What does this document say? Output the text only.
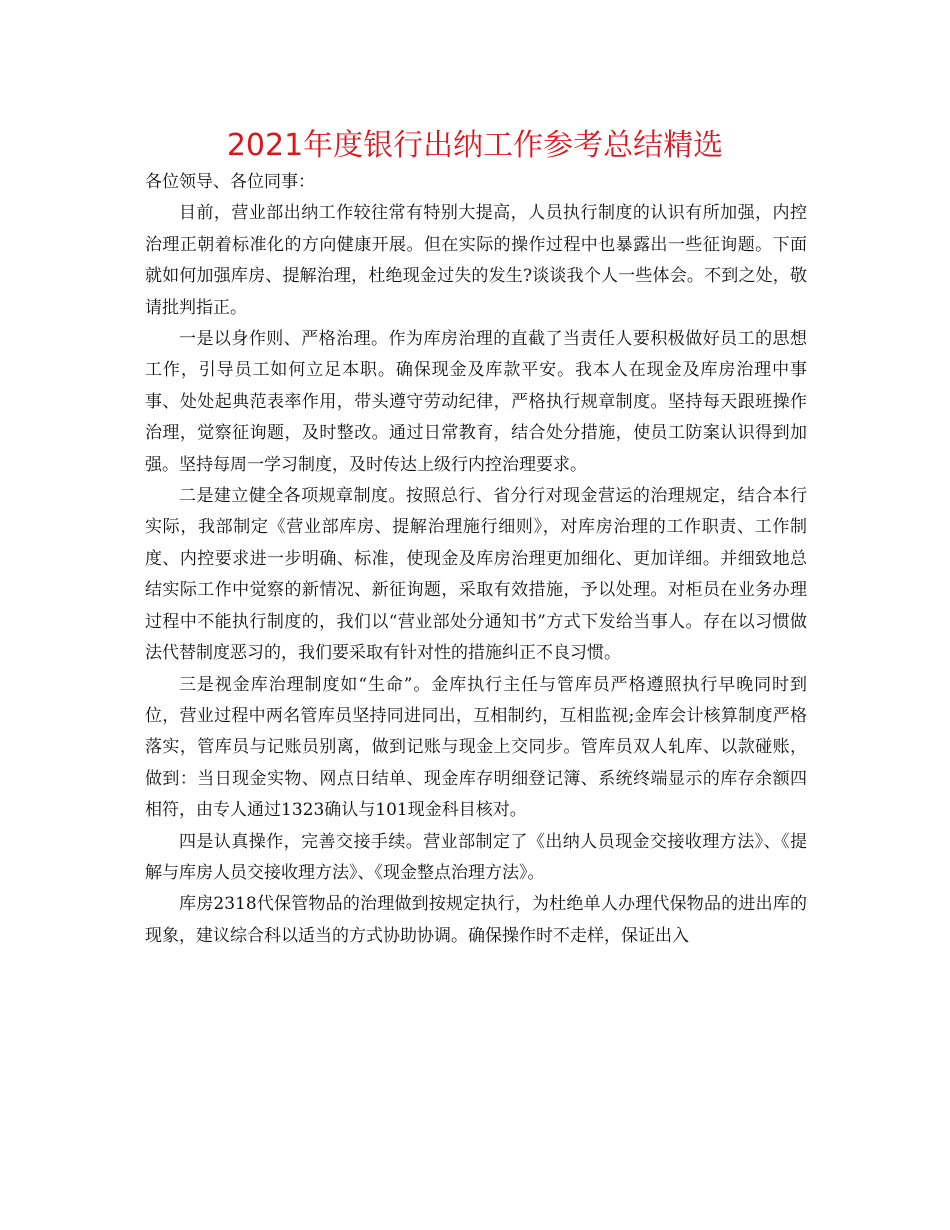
2021年度银行出纳工作参考总结精选

各位领导、各位同事：

目前，营业部出纳工作较往常有特别大提高，人员执行制度的认识有所加强，内控治理正朝着标准化的方向健康开展。但在实际的操作过程中也暴露出一些征询题。下面就如何加强库房、提解治理，杜绝现金过失的发生?谈谈我个人一些体会。不到之处，敬请批判指正。

一是以身作则、严格治理。作为库房治理的直截了当责任人要积极做好员工的思想工作，引导员工如何立足本职。确保现金及库款平安。我本人在现金及库房治理中事事、处处起典范表率作用，带头遵守劳动纪律，严格执行规章制度。坚持每天跟班操作治理，觉察征询题，及时整改。通过日常教育，结合处分措施，使员工防案认识得到加强。坚持每周一学习制度，及时传达上级行内控治理要求。

二是建立健全各项规章制度。按照总行、省分行对现金营运的治理规定，结合本行实际，我部制定《营业部库房、提解治理施行细则》，对库房治理的工作职责、工作制度、内控要求进一步明确、标准，使现金及库房治理更加细化、更加详细。并细致地总结实际工作中觉察的新情况、新征询题，采取有效措施，予以处理。对柜员在业务办理过程中不能执行制度的，我们以“营业部处分通知书”方式下发给当事人。存在以习惯做法代替制度恶习的，我们要采取有针对性的措施纠正不良习惯。

三是视金库治理制度如“生命”。金库执行主任与管库员严格遵照执行早晚同时到位，营业过程中两名管库员坚持同进同出，互相制约，互相监视;金库会计核算制度严格落实，管库员与记账员别离，做到记账与现金上交同步。管库员双人轧库、以款碰账，做到：当日现金实物、网点日结单、现金库存明细登记簿、系统终端显示的库存余额四相符，由专人通过1323确认与101现金科目核对。

四是认真操作，完善交接手续。营业部制定了《出纳人员现金交接收理方法》、《提解与库房人员交接收理方法》、《现金整点治理方法》。

库房2318代保管物品的治理做到按规定执行，为杜绝单人办理代保物品的进出库的现象，建议综合科以适当的方式协助协调。确保操作时不走样，保证出入
